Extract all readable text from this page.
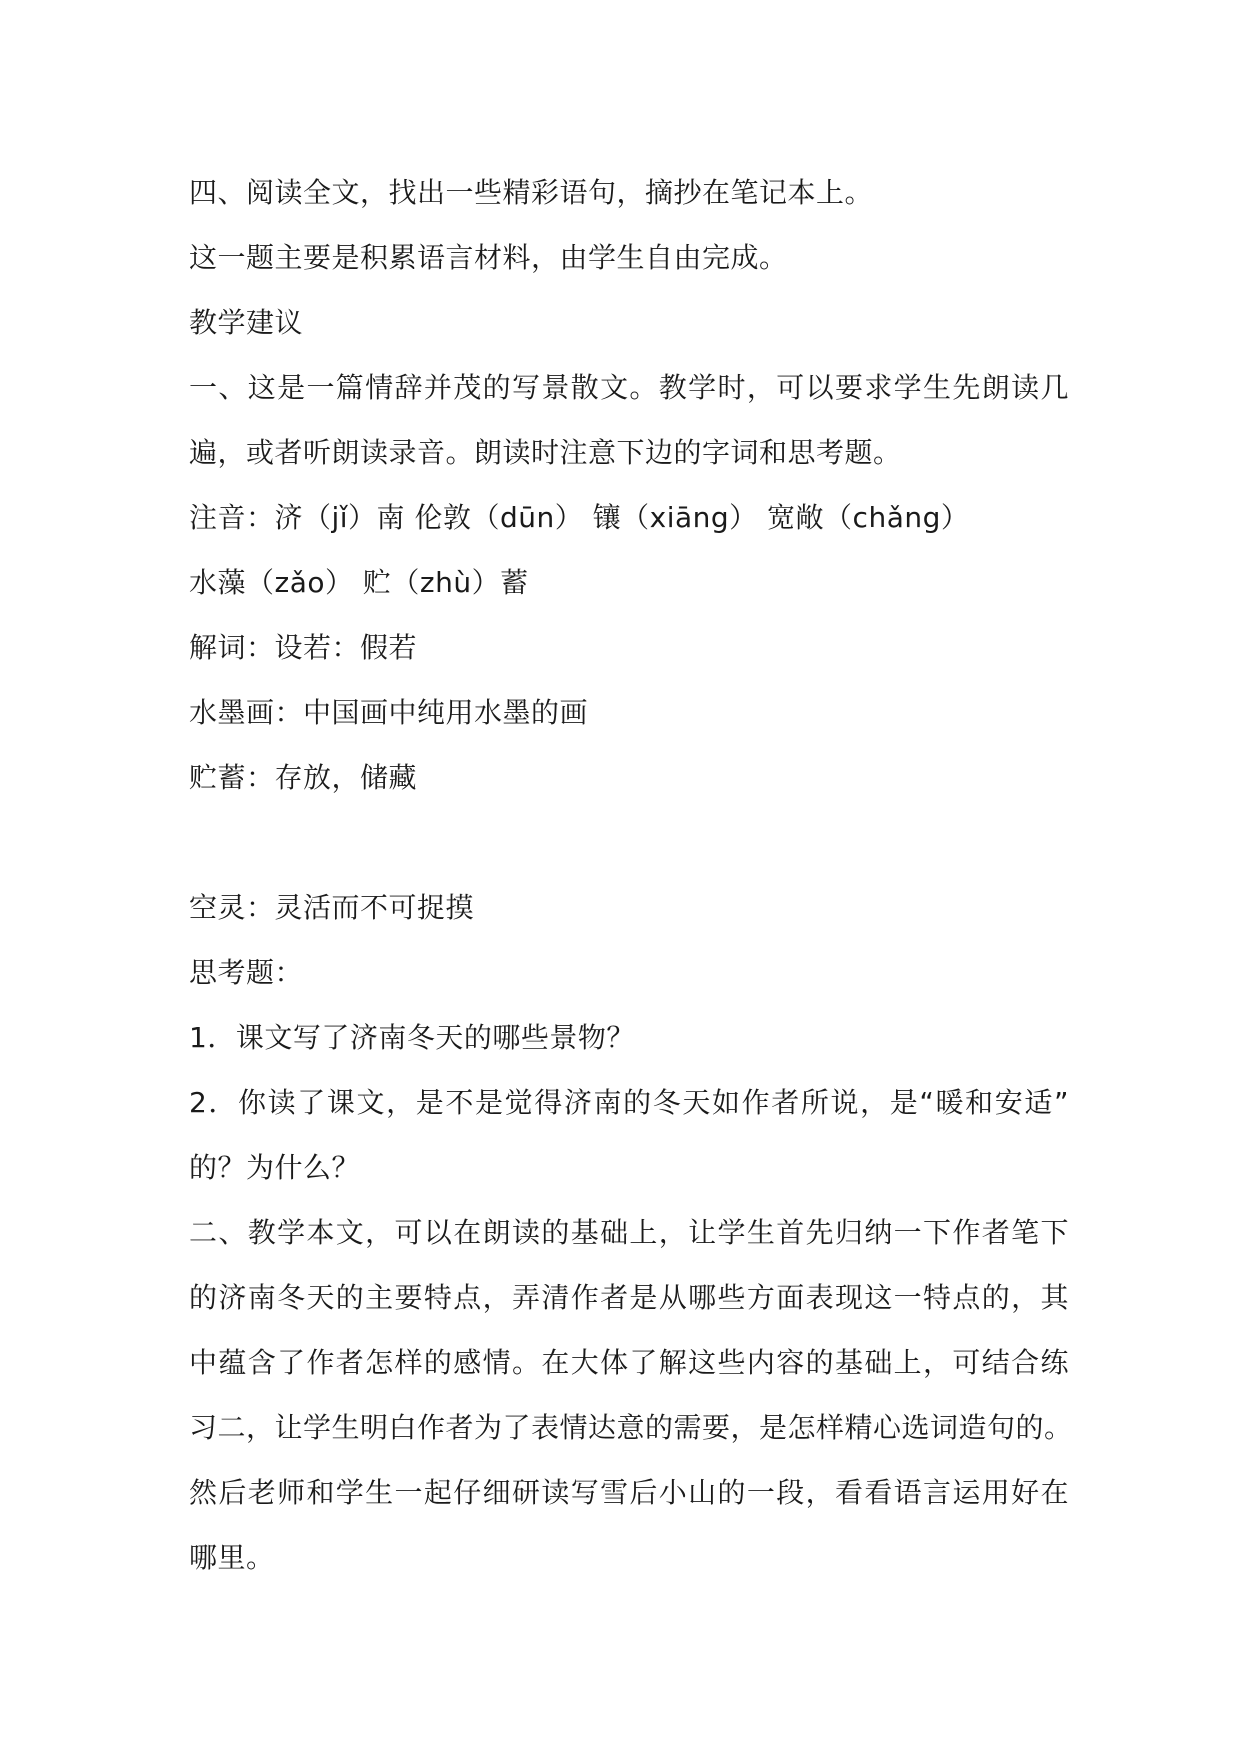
四、阅读全文，找出一些精彩语句，摘抄在笔记本上。
这一题主要是积累语言材料，由学生自由完成。
教学建议
一、这是一篇情辞并茂的写景散文。教学时，可以要求学生先朗读几
遍，或者听朗读录音。朗读时注意下边的字词和思考题。
注音：济（jǐ）南 伦敦（dūn） 镶（xiāng） 宽敞（chǎng）
水藻（zǎo） 贮（zhù）蓄
解词：设若：假若
水墨画：中国画中纯用水墨的画
贮蓄：存放，储藏
空灵：灵活而不可捉摸
思考题：
1．课文写了济南冬天的哪些景物？
2．你读了课文，是不是觉得济南的冬天如作者所说，是“暖和安适”
的？为什么？
二、教学本文，可以在朗读的基础上，让学生首先归纳一下作者笔下
的济南冬天的主要特点，弄清作者是从哪些方面表现这一特点的，其
中蕴含了作者怎样的感情。在大体了解这些内容的基础上，可结合练
习二，让学生明白作者为了表情达意的需要，是怎样精心选词造句的。
然后老师和学生一起仔细研读写雪后小山的一段，看看语言运用好在
哪里。
